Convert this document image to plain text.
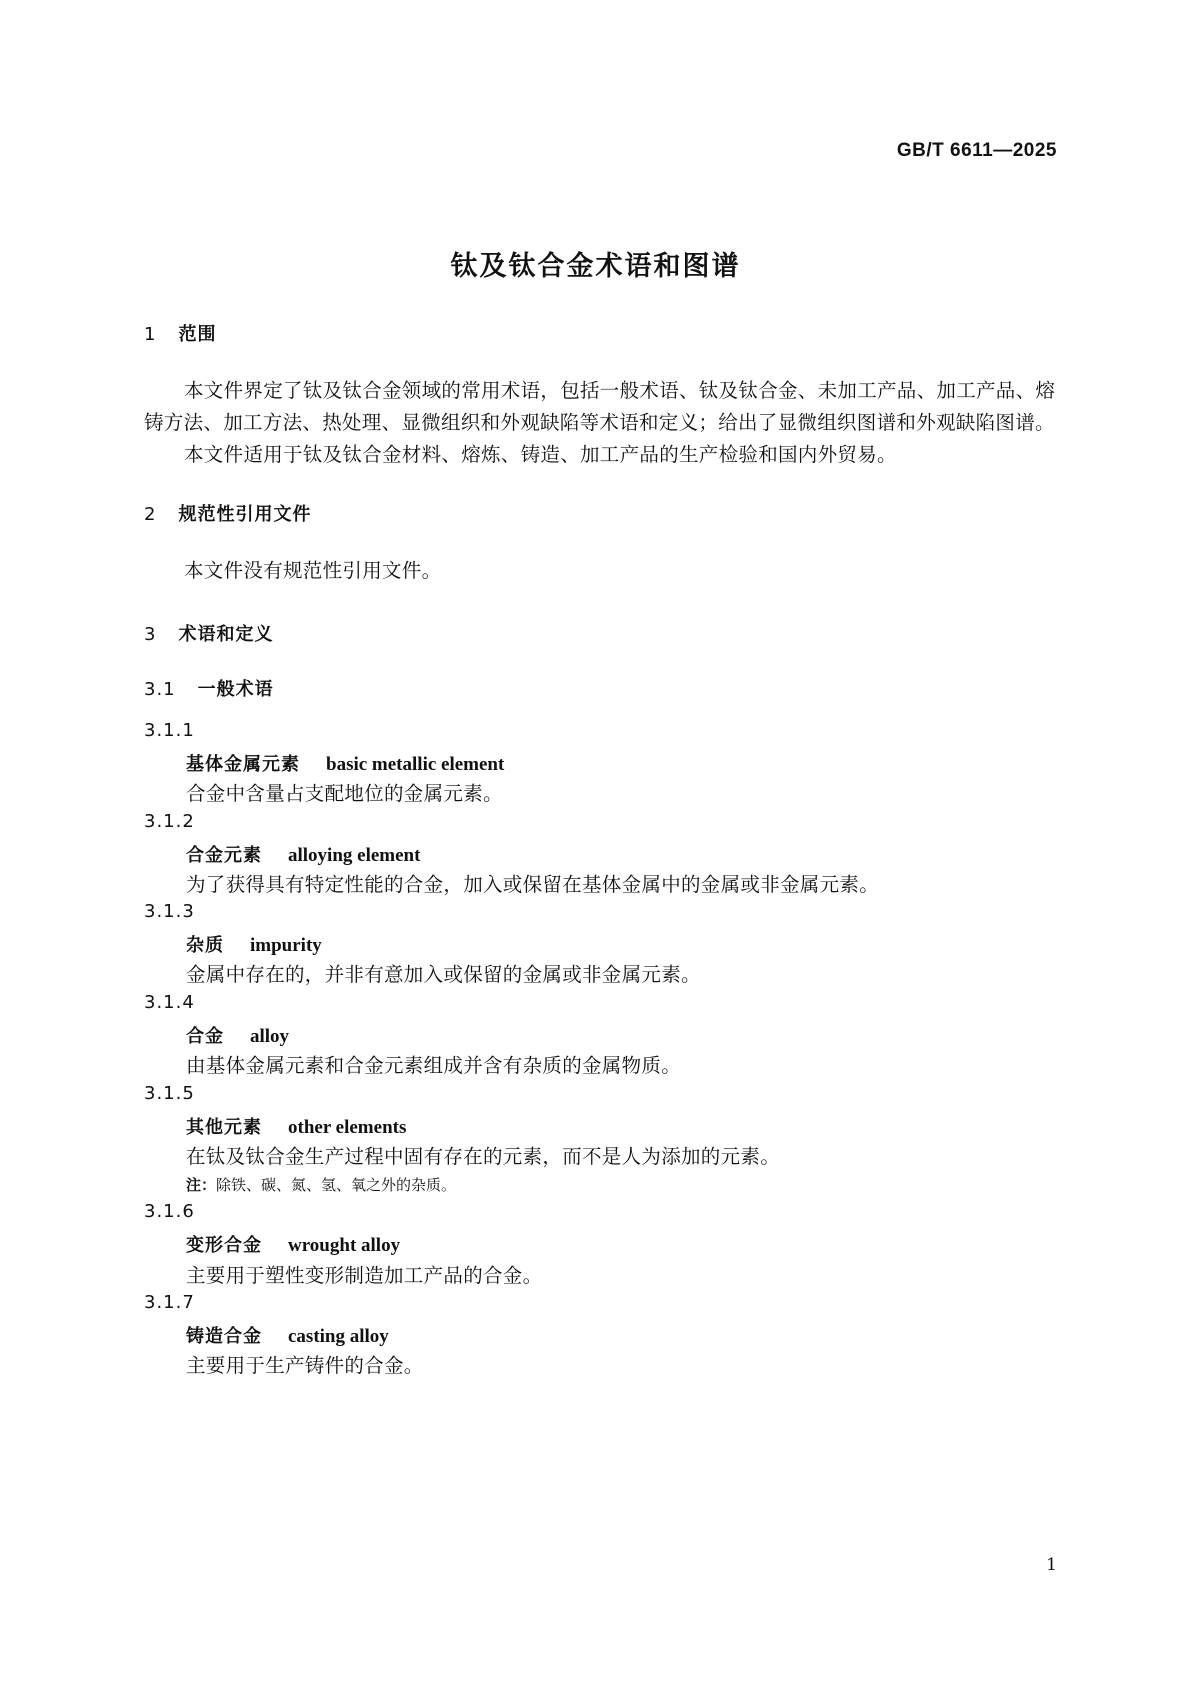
GB/T 6611—2025
钛及钛合金术语和图谱
1 范围
本文件界定了钛及钛合金领域的常用术语，包括一般术语、钛及钛合金、未加工产品、加工产品、熔
铸方法、加工方法、热处理、显微组织和外观缺陷等术语和定义；给出了显微组织图谱和外观缺陷图谱。
本文件适用于钛及钛合金材料、熔炼、铸造、加工产品的生产检验和国内外贸易。
2 规范性引用文件
本文件没有规范性引用文件。
3 术语和定义
3.1 一般术语
3.1.1
基体金属元素 basic metallic element
合金中含量占支配地位的金属元素。
3.1.2
合金元素 alloying element
为了获得具有特定性能的合金，加入或保留在基体金属中的金属或非金属元素。
3.1.3
杂质 impurity
金属中存在的，并非有意加入或保留的金属或非金属元素。
3.1.4
合金 alloy
由基体金属元素和合金元素组成并含有杂质的金属物质。
3.1.5
其他元素 other elements
在钛及钛合金生产过程中固有存在的元素，而不是人为添加的元素。
注：除铁、碳、氮、氢、氧之外的杂质。
3.1.6
变形合金 wrought alloy
主要用于塑性变形制造加工产品的合金。
3.1.7
铸造合金 casting alloy
主要用于生产铸件的合金。
1
